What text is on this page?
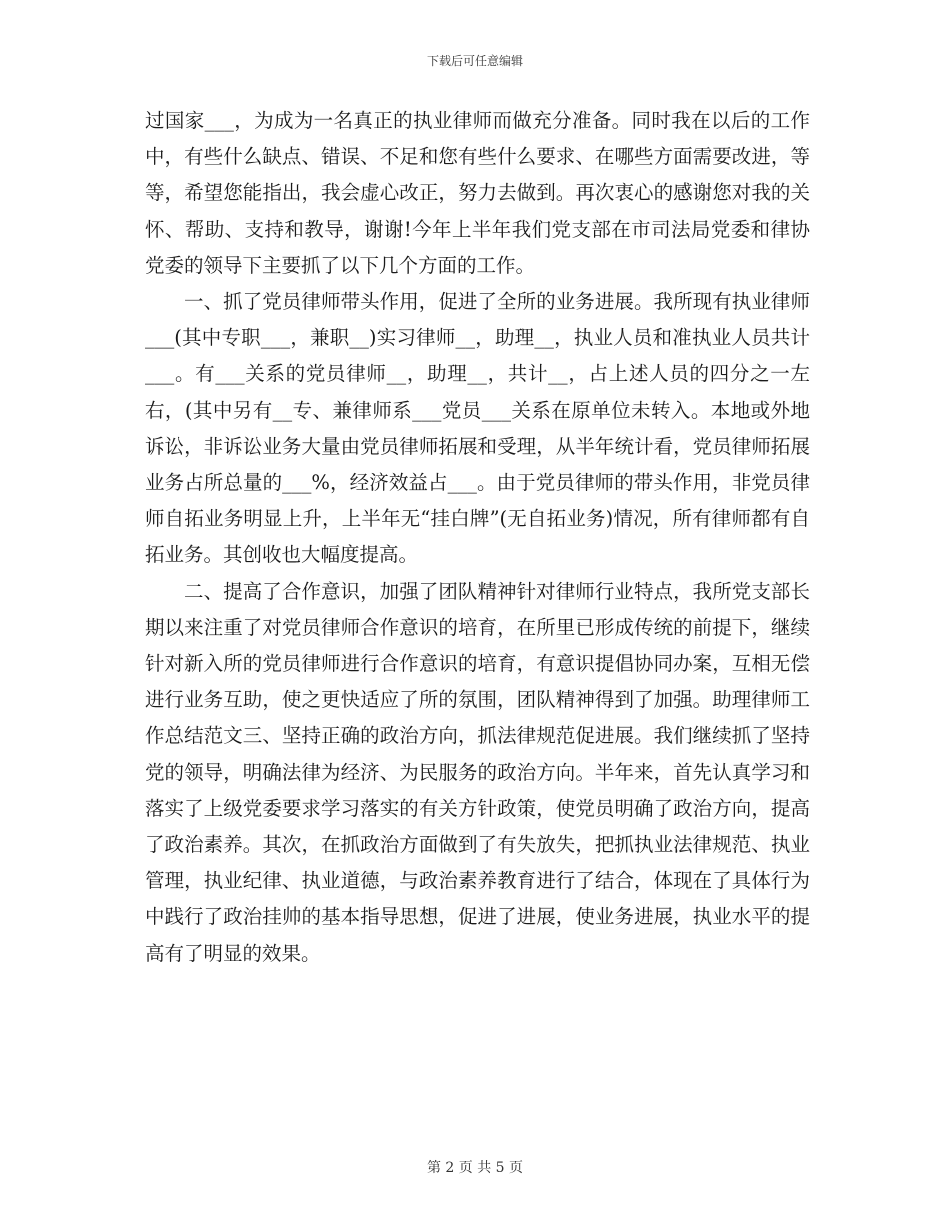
下载后可任意编辑

过国家___，为成为一名真正的执业律师而做充分准备。同时我在以后的工作中，有些什么缺点、错误、不足和您有些什么要求、在哪些方面需要改进，等等，希望您能指出，我会虚心改正，努力去做到。再次衷心的感谢您对我的关怀、帮助、支持和教导，谢谢!今年上半年我们党支部在市司法局党委和律协党委的领导下主要抓了以下几个方面的工作。

一、抓了党员律师带头作用，促进了全所的业务进展。我所现有执业律师___(其中专职___，兼职__)实习律师__，助理__，执业人员和准执业人员共计___。有___关系的党员律师__，助理__，共计__，占上述人员的四分之一左右，(其中另有__专、兼律师系___党员___关系在原单位未转入。本地或外地诉讼，非诉讼业务大量由党员律师拓展和受理，从半年统计看，党员律师拓展业务占所总量的___%，经济效益占___。由于党员律师的带头作用，非党员律师自拓业务明显上升，上半年无“挂白牌”(无自拓业务)情况，所有律师都有自拓业务。其创收也大幅度提高。

二、提高了合作意识，加强了团队精神针对律师行业特点，我所党支部长期以来注重了对党员律师合作意识的培育，在所里已形成传统的前提下，继续针对新入所的党员律师进行合作意识的培育，有意识提倡协同办案，互相无偿进行业务互助，使之更快适应了所的氛围，团队精神得到了加强。助理律师工作总结范文三、坚持正确的政治方向，抓法律规范促进展。我们继续抓了坚持党的领导，明确法律为经济、为民服务的政治方向。半年来，首先认真学习和落实了上级党委要求学习落实的有关方针政策，使党员明确了政治方向，提高了政治素养。其次，在抓政治方面做到了有失放失，把抓执业法律规范、执业管理，执业纪律、执业道德，与政治素养教育进行了结合，体现在了具体行为中践行了政治挂帅的基本指导思想，促进了进展，使业务进展，执业水平的提高有了明显的效果。

第 2 页 共 5 页
